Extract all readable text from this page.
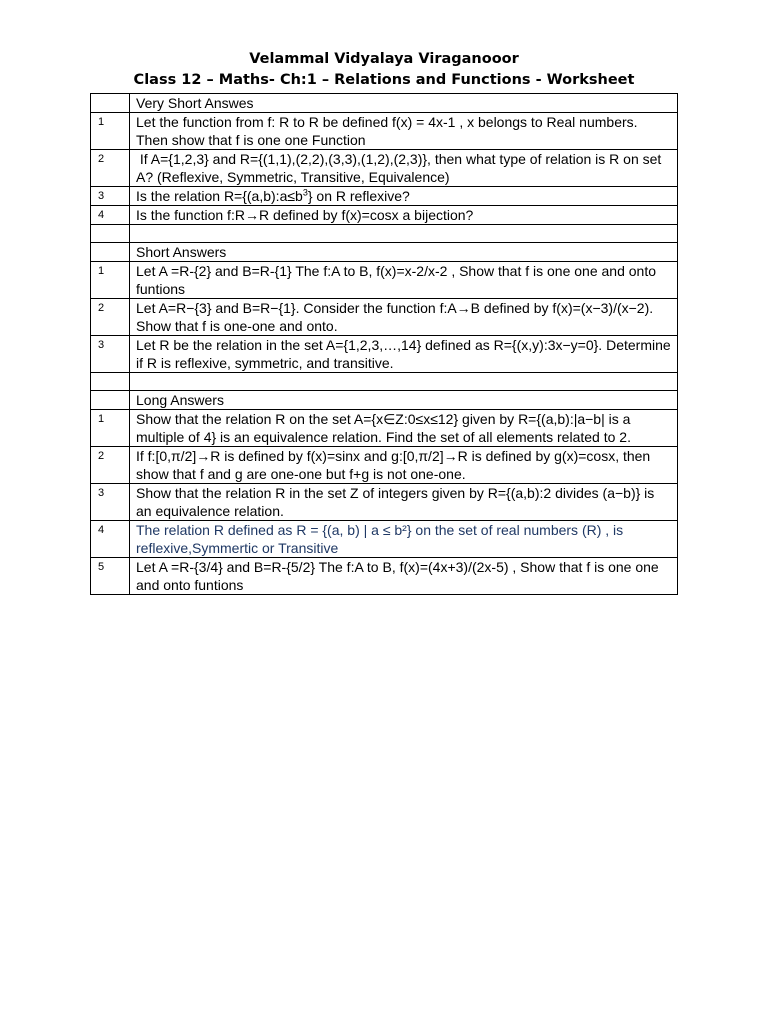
Velammal Vidyalaya Viraganooor
Class 12 – Maths- Ch:1 – Relations and Functions - Worksheet
	Very Short Answes
1	Let the function from f: R to R be defined f(x) = 4x-1 , x belongs to Real numbers. Then show that f is one one Function
2	If A={1,2,3} and R={(1,1),(2,2),(3,3),(1,2),(2,3)}, then what type of relation is R on set A? (Reflexive, Symmetric, Transitive, Equivalence)
3	Is the relation $R=\{(a,b):a\le b^3\}$ on R reflexive?
4	Is the function f:R→R defined by f(x)=cosx a bijection?

	Short Answers
1	Let A =R-{2} and B=R-{1} The f:A to B, f(x)=x-2/x-2 , Show that f is one one and onto funtions
2	Let A=R−{3} and B=R−{1}. Consider the function f:A→B defined by f(x)=(x−3)/(x−2). Show that f is one-one and onto.
3	Let R be the relation in the set A={1,2,3,…,14} defined as R={(x,y):3x−y=0}. Determine if R is reflexive, symmetric, and transitive.

	Long Answers
1	Show that the relation R on the set A={x∈Z:0≤x≤12} given by R={(a,b):|a−b| is a multiple of 4} is an equivalence relation. Find the set of all elements related to 2.
2	If f:[0,π/2]→R is defined by f(x)=sinx and g:[0,π/2]→R is defined by g(x)=cosx, then show that f and g are one-one but f+g is not one-one.
3	Show that the relation R in the set Z of integers given by R={(a,b):2 divides (a−b)} is an equivalence relation.
4	The relation R defined as R = {(a, b) | a ≤ b²} on the set of real numbers (R) , is reflexive,Symmertic or Transitive
5	Let A =R-{3/4} and B=R-{5/2} The f:A to B, f(x)=(4x+3)/(2x-5) , Show that f is one one and onto funtions
